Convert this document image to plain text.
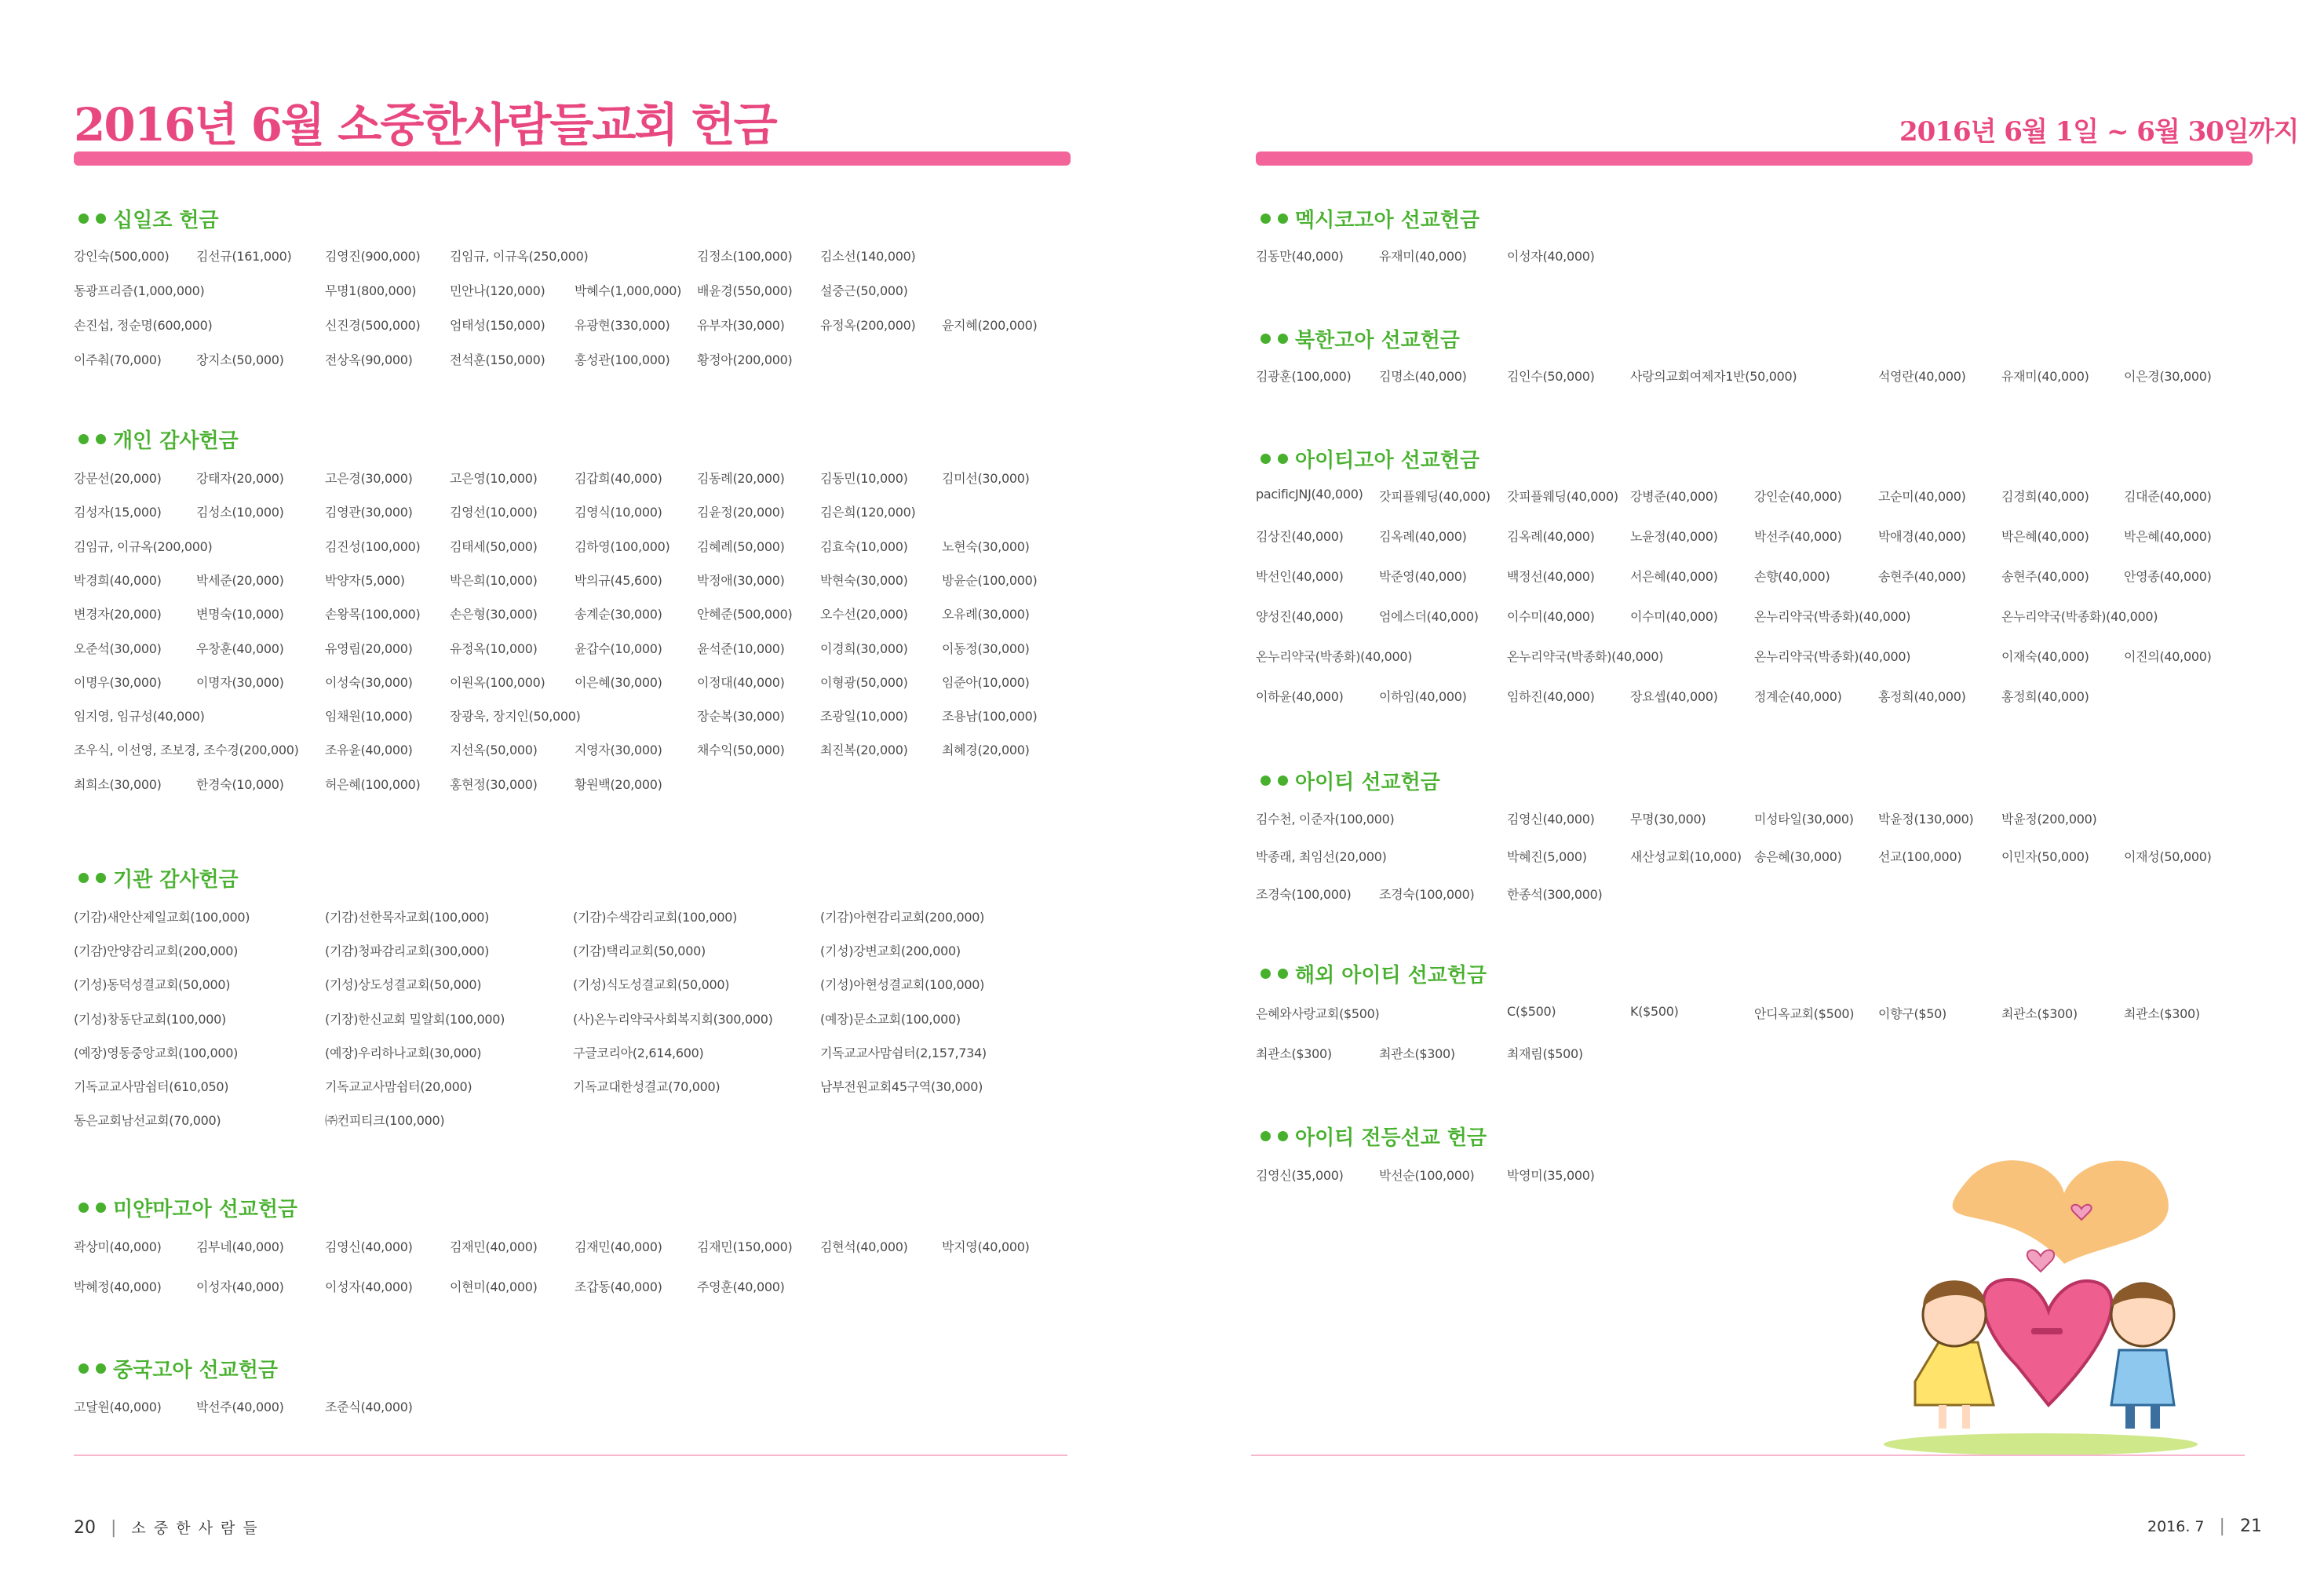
2016년 6월 소중한사람들교회 헌금	2016년 6월 1일 ~ 6월 30일까지
십일조 헌금
강인숙(500,000) 김선규(161,000)	김영진(900,000) 김임규, 이규옥(250,000)	김정소(100,000) 김소선(140,000)
동광프리즘(1,000,000)	무명1(800,000)	민안나(120,000) 박혜수(1,000,000) 배윤경(550,000) 설중근(50,000)
손진섭, 정순명(600,000)	신진경(500,000) 엄태성(150,000) 유광현(330,000) 유부자(30,000)	유정옥(200,000) 윤지혜(200,000)
이주춰(70,000)	장지소(50,000)	전상옥(90,000)	전석훈(150,000) 홍성관(100,000) 황정아(200,000)
개인 감사헌금
강문선(20,000)	강태자(20,000)	고은경(30,000)	고은영(10,000)	김갑희(40,000)	김동례(20,000)	김동민(10,000)	김미선(30,000)
김성자(15,000)	김성소(10,000)	김영관(30,000)	김영선(10,000)	김영식(10,000)	김윤정(20,000)	김은희(120,000)
김임규, 이규옥(200,000)	김진성(100,000) 김태세(50,000)	김하영(100,000) 김혜례(50,000)	김효숙(10,000)	노현숙(30,000)
박경희(40,000)	박세준(20,000)	박양자(5,000)	박은희(10,000)	박의규(45,600)	박정애(30,000)	박현숙(30,000)	방윤순(100,000)
변경자(20,000)	변명숙(10,000)	손왕목(100,000) 손은형(30,000)	송계순(30,000)	안혜준(500,000) 오수선(20,000)	오유례(30,000)
오준석(30,000)	우창훈(40,000)	유영림(20,000)	유정옥(10,000)	윤갑수(10,000)	윤석준(10,000)	이경희(30,000)	이동정(30,000)
이명우(30,000)	이명자(30,000)	이성숙(30,000)	이원옥(100,000) 이은혜(30,000)	이정대(40,000)	이형광(50,000)	임준아(10,000)
임지영, 임규성(40,000)	임채원(10,000)	장광욱, 장지인(50,000)	장순복(30,000)	조광일(10,000)	조용남(100,000)
조우식, 이선영, 조보경, 조수경(200,000) 조유윤(40,000)	지선옥(50,000)	지영자(30,000)	채수익(50,000)	최진복(20,000)	최혜경(20,000)
최희소(30,000)	한경숙(10,000)	허은혜(100,000) 홍현정(30,000)	황원백(20,000)
기관 감사헌금
(기감)새안산제일교회(100,000)	(기감)선한목자교회(100,000)	(기감)수색감리교회(100,000)	(기감)아현감리교회(200,000)
(기감)안양감리교회(200,000)	(기감)청파감리교회(300,000)	(기감)택리교회(50,000)	(기성)강변교회(200,000)
(기성)동덕성결교회(50,000)	(기성)상도성결교회(50,000)	(기성)식도성결교회(50,000)	(기성)아현성결교회(100,000)
(기성)창동단교회(100,000)	(기장)한신교회 밀알회(100,000)	(사)온누리약국사회복지회(300,000)	(예장)문소교회(100,000)
(예장)영동중앙교회(100,000)	(예장)우리하나교회(30,000)	구글코리아(2,614,600)	기독교교사맘쉼터(2,157,734)
기독교교사맘쉼터(610,050)	기독교교사맘쉼터(20,000)	기독교대한성결교(70,000)	남부전원교회45구역(30,000)
동은교회남선교회(70,000)	㈜컨피티크(100,000)
미얀마고아 선교헌금
곽상미(40,000)	김부네(40,000)	김영신(40,000)	김재민(40,000)	김재민(40,000)	김재민(150,000) 김현석(40,000)	박지영(40,000)
박혜정(40,000)	이성자(40,000)	이성자(40,000)	이현미(40,000)	조갑동(40,000)	주영훈(40,000)
중국고아 선교헌금
고달원(40,000)	박선주(40,000)	조준식(40,000)
멕시코고아 선교헌금
김동만(40,000)	유재미(40,000)	이성자(40,000)
북한고아 선교헌금
김광훈(100,000) 김명소(40,000)	김인수(50,000)	사랑의교회여제자1반(50,000)	석영란(40,000)	유재미(40,000)	이은경(30,000)
아이티고아 선교헌금
pacificJNJ(40,000) 갓피플웨딩(40,000) 갓피플웨딩(40,000) 강병준(40,000)	강인순(40,000)	고순미(40,000)	김경희(40,000)	김대준(40,000)
김상진(40,000)	김옥례(40,000)	김옥례(40,000)	노윤정(40,000)	박선주(40,000)	박애경(40,000)	박은혜(40,000)	박은혜(40,000)
박선인(40,000)	박준영(40,000)	백정선(40,000)	서은혜(40,000)	손향(40,000)	송현주(40,000)	송현주(40,000)	안영종(40,000)
양성진(40,000)	엄에스더(40,000) 이수미(40,000)	이수미(40,000)	온누리약국(박종화)(40,000)	온누리약국(박종화)(40,000)
온누리약국(박종화)(40,000)	온누리약국(박종화)(40,000)	온누리약국(박종화)(40,000)	이재숙(40,000)	이진의(40,000)
이하윤(40,000)	이하임(40,000)	임하진(40,000)	장요셉(40,000)	정계순(40,000)	홍정희(40,000)	홍정희(40,000)
아이티 선교헌금
김수천, 이준자(100,000)	김영신(40,000)	무명(30,000)	미성타일(30,000) 박윤정(130,000) 박윤정(200,000)
박종래, 최임선(20,000)	박혜진(5,000)	새산성교회(10,000) 송은혜(30,000)	선교(100,000)	이민자(50,000)	이재성(50,000)
조경숙(100,000) 조경숙(100,000)	한종석(300,000)
해외 아이티 선교헌금
은혜와사랑교회($500)	C($500)	K($500)	안디옥교회($500) 이향구($50)	최관소($300)	최관소($300)
최관소($300)	최관소($300)	최재림($500)
아이티 전등선교 헌금
김영신(35,000)	박선순(100,000)	박영미(35,000)
20 | 소 중 한 사 람 들	2016. 7 | 21
